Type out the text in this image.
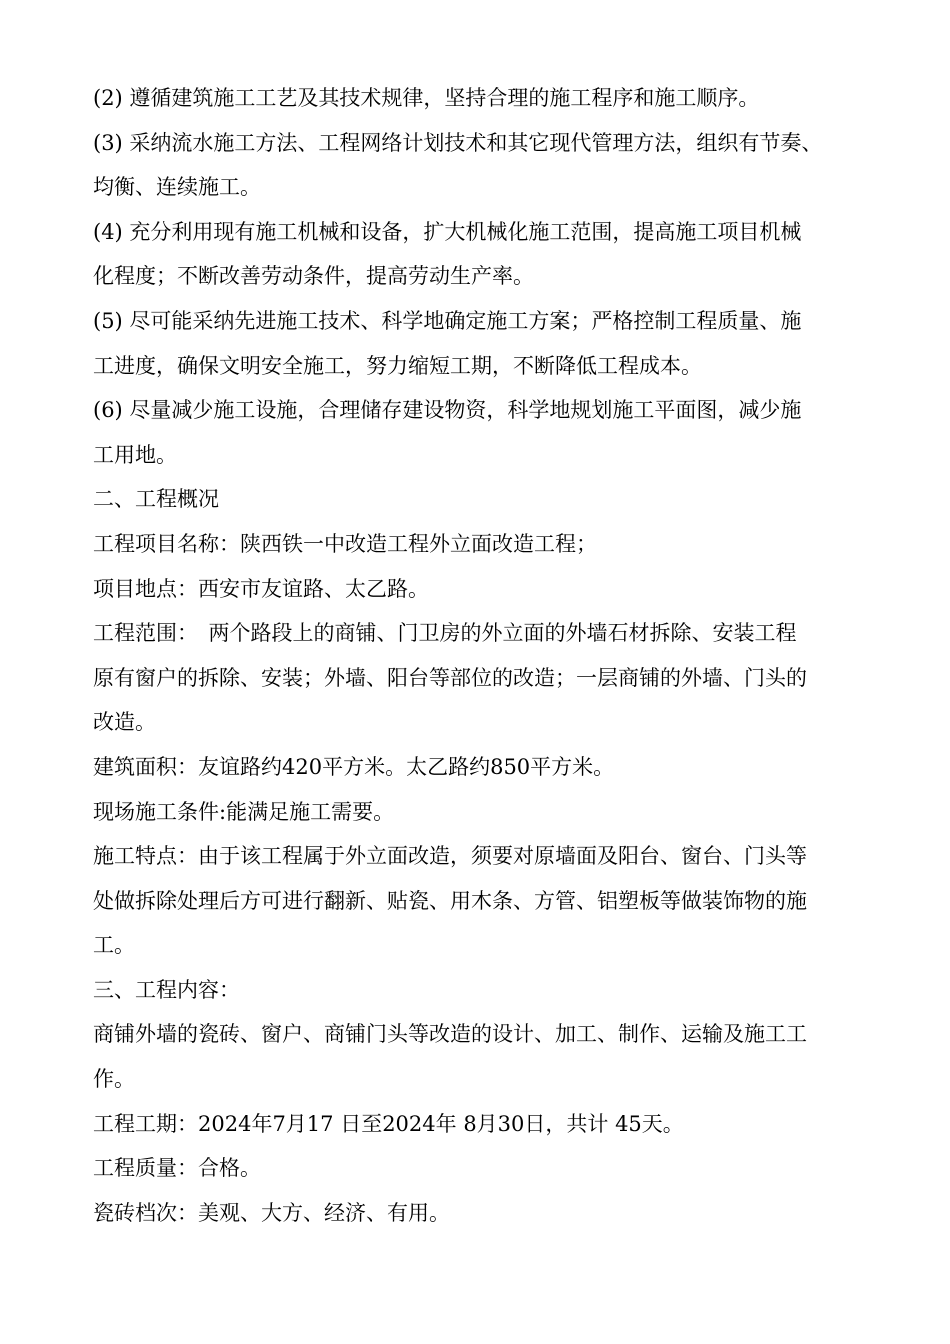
(2) 遵循建筑施工工艺及其技术规律，坚持合理的施工程序和施工顺序。
(3) 采纳流水施工方法、工程网络计划技术和其它现代管理方法，组织有节奏、
均衡、连续施工。
(4) 充分利用现有施工机械和设备，扩大机械化施工范围，提高施工项目机械
化程度；不断改善劳动条件，提高劳动生产率。
(5) 尽可能采纳先进施工技术、科学地确定施工方案；严格控制工程质量、施
工进度，确保文明安全施工，努力缩短工期，不断降低工程成本。
(6) 尽量减少施工设施，合理储存建设物资，科学地规划施工平面图，减少施
工用地。
二、工程概况
工程项目名称：陕西铁一中改造工程外立面改造工程；
项目地点：西安市友谊路、太乙路。
工程范围：　两个路段上的商铺、门卫房的外立面的外墙石材拆除、安装工程
原有窗户的拆除、安装；外墙、阳台等部位的改造；一层商铺的外墙、门头的
改造。
建筑面积：友谊路约420平方米。太乙路约850平方米。
现场施工条件:能满足施工需要。
施工特点：由于该工程属于外立面改造，须要对原墙面及阳台、窗台、门头等
处做拆除处理后方可进行翻新、贴瓷、用木条、方管、铝塑板等做装饰物的施
工。
三、工程内容：
商铺外墙的瓷砖、窗户、商铺门头等改造的设计、加工、制作、运输及施工工
作。
工程工期：2024年7月17 日至2024年 8月30日，共计 45天。
工程质量：合格。
瓷砖档次：美观、大方、经济、有用。
